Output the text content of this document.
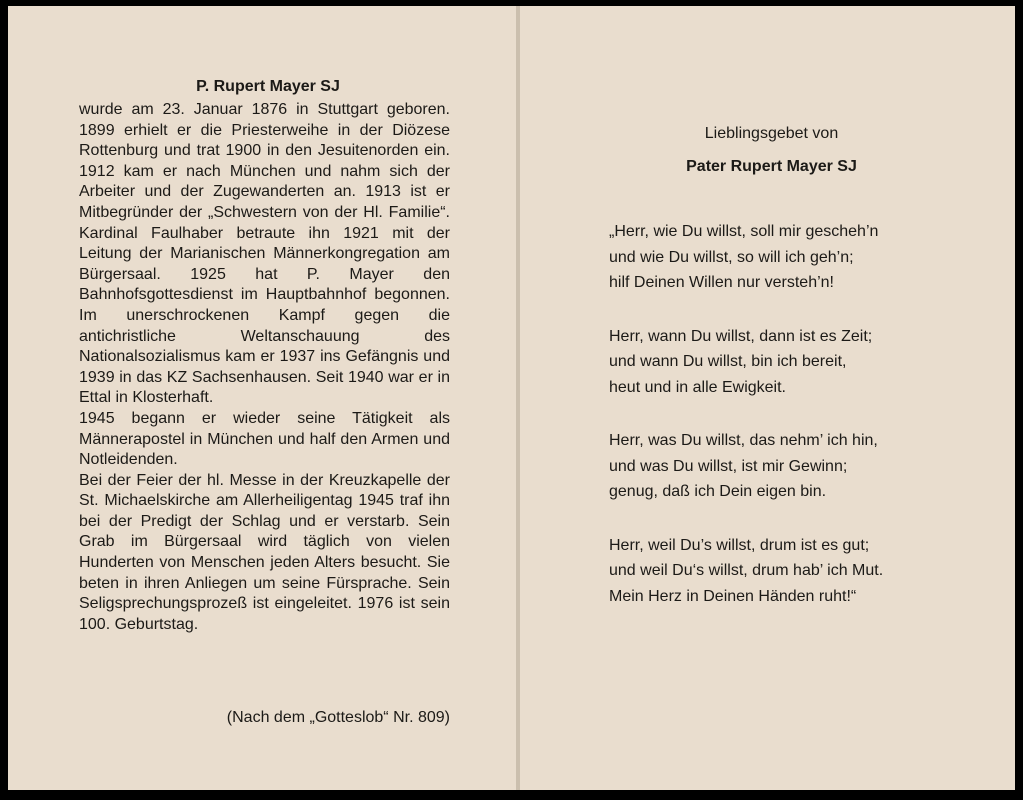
P. Rupert Mayer SJ

wurde am 23. Januar 1876 in Stuttgart geboren. 1899 erhielt er die Priesterweihe in der Diözese Rottenburg und trat 1900 in den Jesuitenorden ein. 1912 kam er nach München und nahm sich der Arbeiter und der Zugewanderten an. 1913 ist er Mitbegründer der „Schwestern von der Hl. Familie“. Kardinal Faulhaber betraute ihn 1921 mit der Leitung der Marianischen Männerkongregation am Bürgersaal. 1925 hat P. Mayer den Bahnhofsgottesdienst im Hauptbahnhof begonnen. Im unerschrockenen Kampf gegen die antichristliche Weltanschauung des Nationalsozialismus kam er 1937 ins Gefängnis und 1939 in das KZ Sachsenhausen. Seit 1940 war er in Ettal in Klosterhaft.

1945 begann er wieder seine Tätigkeit als Männerapostel in München und half den Armen und Notleidenden.

Bei der Feier der hl. Messe in der Kreuzkapelle der St. Michaelskirche am Allerheiligentag 1945 traf ihn bei der Predigt der Schlag und er verstarb. Sein Grab im Bürgersaal wird täglich von vielen Hunderten von Menschen jeden Alters besucht. Sie beten in ihren Anliegen um seine Fürsprache. Sein Seligsprechungsprozeß ist eingeleitet. 1976 ist sein 100. Geburtstag.

(Nach dem „Gotteslob“ Nr. 809)

Lieblingsgebet von

Pater Rupert Mayer SJ
„Herr, wie Du willst, soll mir gescheh’n
und wie Du willst, so will ich geh’n;
hilf Deinen Willen nur versteh’n!
Herr, wann Du willst, dann ist es Zeit;
und wann Du willst, bin ich bereit,
heut und in alle Ewigkeit.
Herr, was Du willst, das nehm’ ich hin,
und was Du willst, ist mir Gewinn;
genug, daß ich Dein eigen bin.
Herr, weil Du’s willst, drum ist es gut;
und weil Du‘s willst, drum hab’ ich Mut.
Mein Herz in Deinen Händen ruht!“
